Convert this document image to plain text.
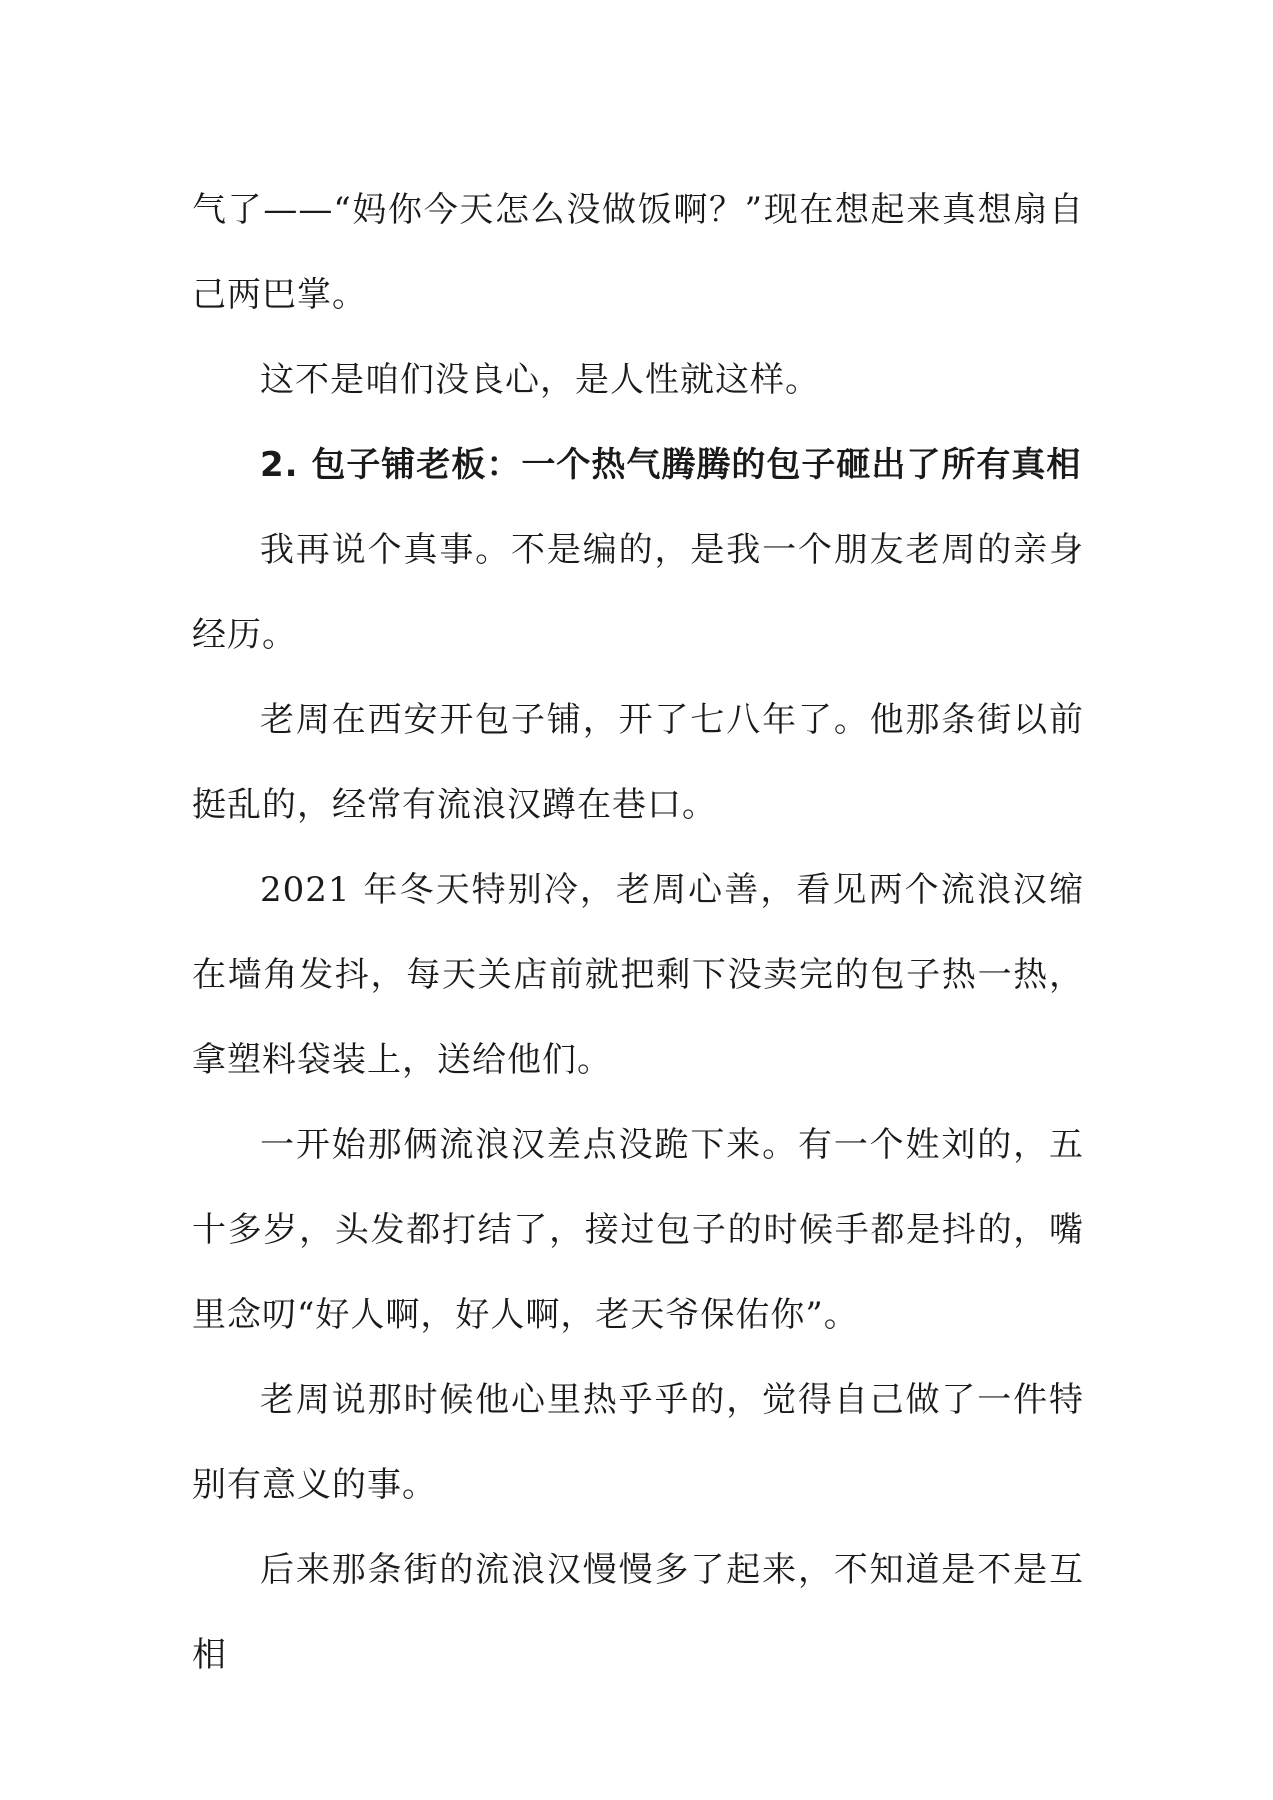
气了——“妈你今天怎么没做饭啊？”现在想起来真想扇自己两巴掌。

这不是咱们没良心，是人性就这样。

2. 包子铺老板：一个热气腾腾的包子砸出了所有真相

我再说个真事。不是编的，是我一个朋友老周的亲身经历。

老周在西安开包子铺，开了七八年了。他那条街以前挺乱的，经常有流浪汉蹲在巷口。

2021 年冬天特别冷，老周心善，看见两个流浪汉缩在墙角发抖，每天关店前就把剩下没卖完的包子热一热，拿塑料袋装上，送给他们。

一开始那俩流浪汉差点没跪下来。有一个姓刘的，五十多岁，头发都打结了，接过包子的时候手都是抖的，嘴里念叨“好人啊，好人啊，老天爷保佑你”。

老周说那时候他心里热乎乎的，觉得自己做了一件特别有意义的事。

后来那条街的流浪汉慢慢多了起来，不知道是不是互相
